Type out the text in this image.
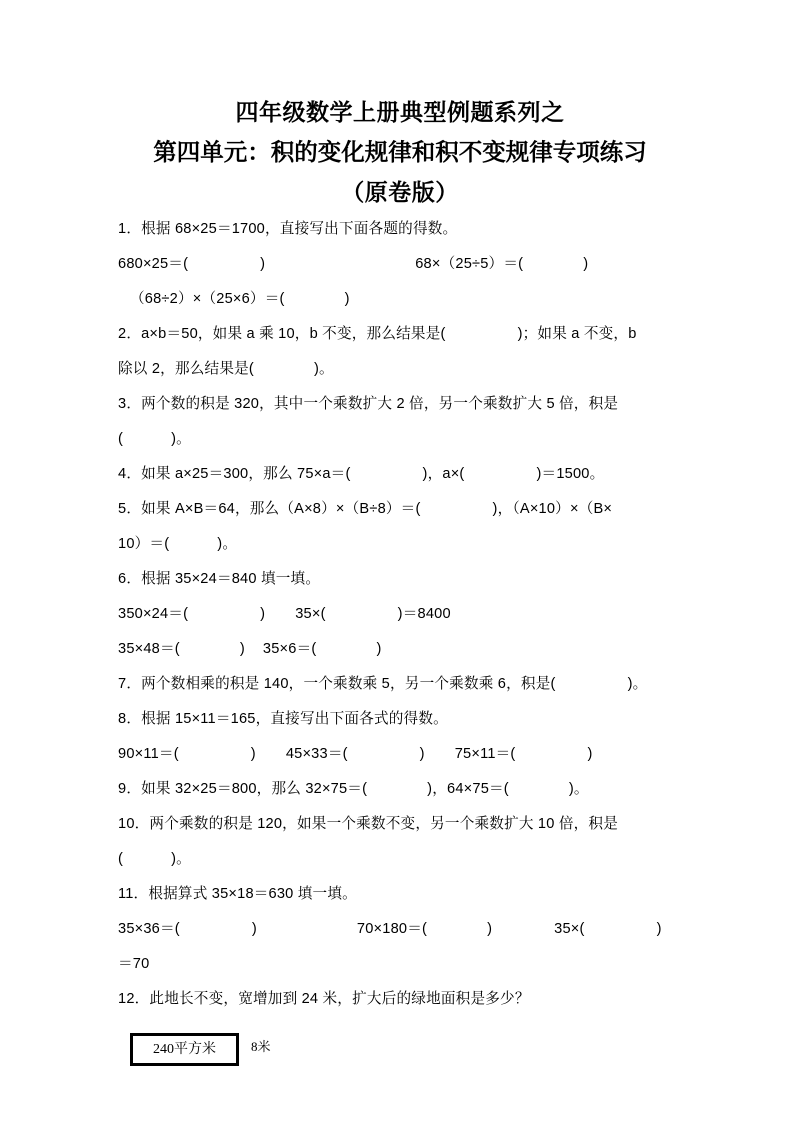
四年级数学上册典型例题系列之
第四单元：积的变化规律和积不变规律专项练习
（原卷版）
1．根据 68×25＝1700，直接写出下面各题的得数。
680×25＝(	)	68×（25÷5）＝(	)
（68÷2）×（25×6）＝(	)
2．a×b＝50，如果 a 乘 10，b 不变，那么结果是(	)；如果 a 不变，b
除以 2，那么结果是(	)。
3．两个数的积是 320，其中一个乘数扩大 2 倍，另一个乘数扩大 5 倍，积是
(	)。
4．如果 a×25＝300，那么 75×a＝(	)，a×(	)＝1500。
5．如果 A×B＝64，那么（A×8）×（B÷8）＝(	)，（A×10）×（B×
10）＝(	)。
6．根据 35×24＝840 填一填。
350×24＝(	) 35×(	)＝8400
35×48＝(	) 35×6＝(	)
7．两个数相乘的积是 140，一个乘数乘 5，另一个乘数乘 6，积是(	)。
8．根据 15×11＝165，直接写出下面各式的得数。
90×11＝(	) 45×33＝(	) 75×11＝(	)
9．如果 32×25＝800，那么 32×75＝(	)，64×75＝(	)。
10．两个乘数的积是 120，如果一个乘数不变，另一个乘数扩大 10 倍，积是
(	)。
11．根据算式 35×18＝630 填一填。
35×36＝(	)	70×180＝(	)	35×(	)
＝70
12．此地长不变，宽增加到 24 米，扩大后的绿地面积是多少？
240平方米	8米
